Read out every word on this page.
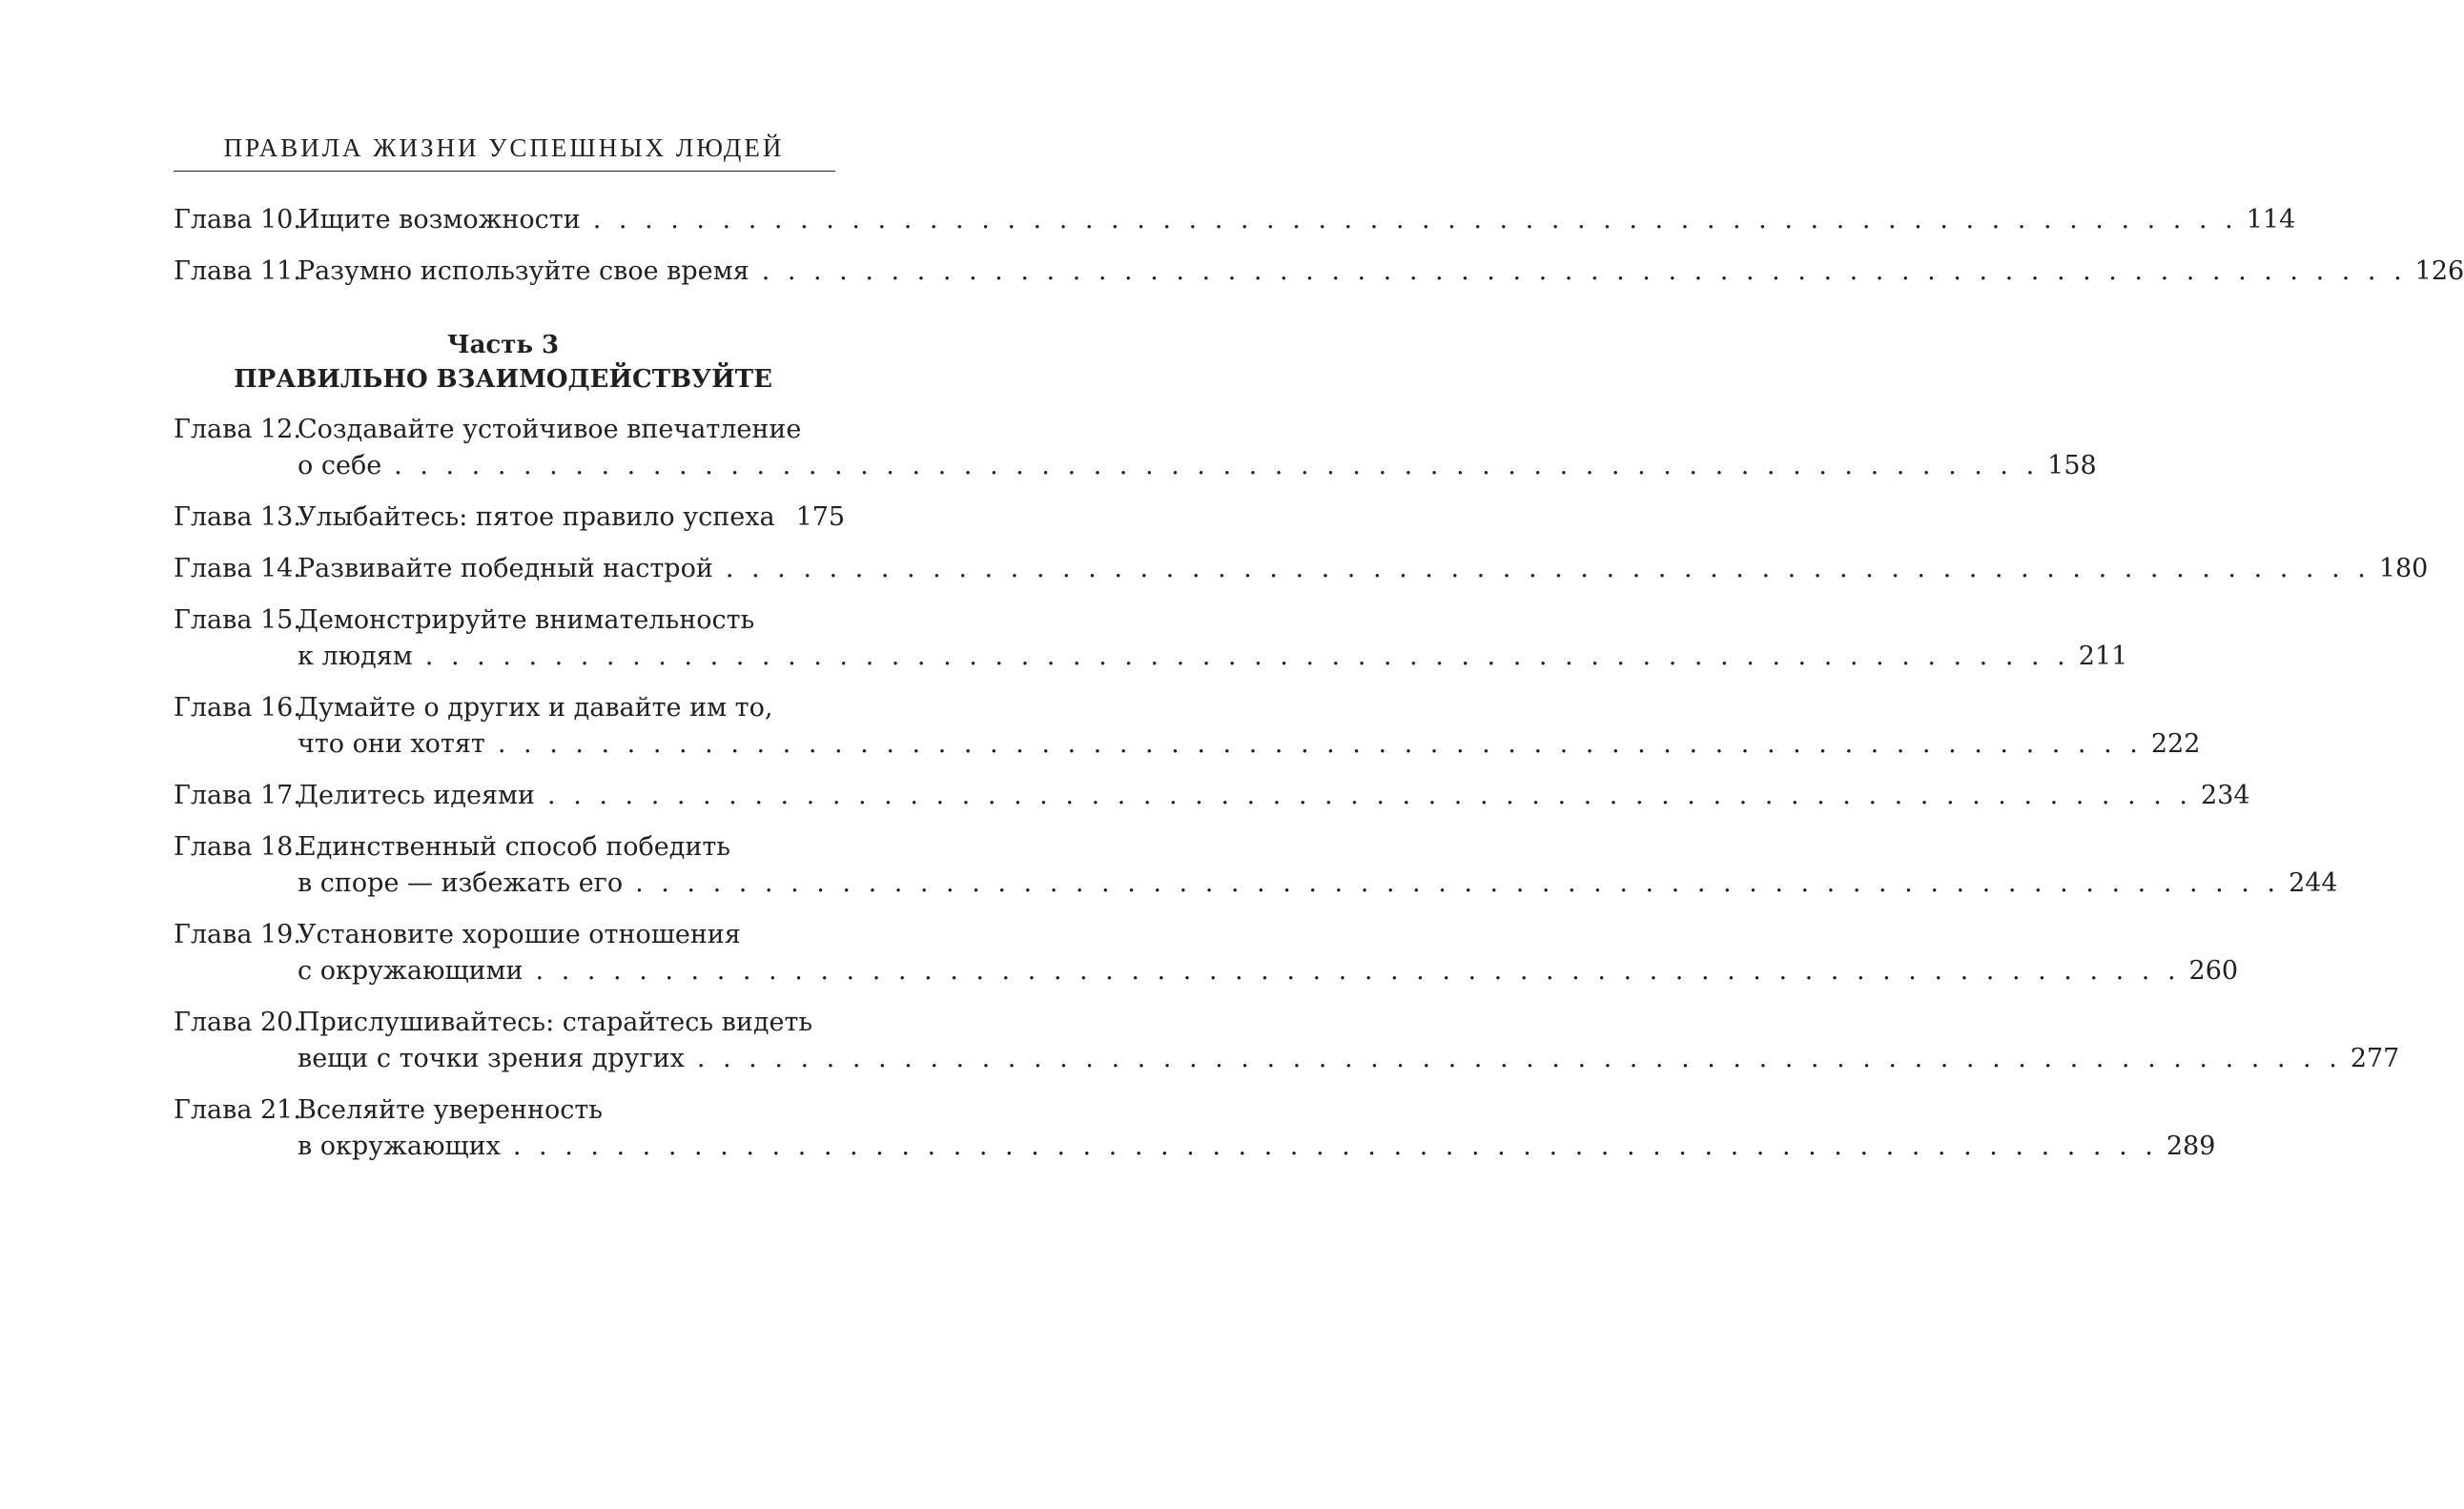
ПРАВИЛА ЖИЗНИ УСПЕШНЫХ ЛЮДЕЙ
Глава 10.
Ищите возможности . . . . . . . . . . . . . . . . . . . . . . . . . . . . . . . . . . . . . . . . . . . . . . . . . . . . . . . . . . . . . . . . 114
Глава 11.
Разумно используйте свое время . . . . . . . . . . . . . . . . . . . . . . . . . . . . . . . . . . . . . . . . . . . . . . . . . . . . . . . . . . . . . . . . 126
Часть 3
ПРАВИЛЬНО ВЗАИМОДЕЙСТВУЙТЕ
Глава 12.
Создавайте устойчивое впечатление
о себе . . . . . . . . . . . . . . . . . . . . . . . . . . . . . . . . . . . . . . . . . . . . . . . . . . . . . . . . . . . . . . . . 158
Глава 13.
Улыбайтесь: пятое правило успеха 175
Глава 14.
Развивайте победный настрой . . . . . . . . . . . . . . . . . . . . . . . . . . . . . . . . . . . . . . . . . . . . . . . . . . . . . . . . . . . . . . . . 180
Глава 15.
Демонстрируйте внимательность
к людям . . . . . . . . . . . . . . . . . . . . . . . . . . . . . . . . . . . . . . . . . . . . . . . . . . . . . . . . . . . . . . . . 211
Глава 16.
Думайте о других и давайте им то,
что они хотят . . . . . . . . . . . . . . . . . . . . . . . . . . . . . . . . . . . . . . . . . . . . . . . . . . . . . . . . . . . . . . . . 222
Глава 17.
Делитесь идеями . . . . . . . . . . . . . . . . . . . . . . . . . . . . . . . . . . . . . . . . . . . . . . . . . . . . . . . . . . . . . . . . 234
Глава 18.
Единственный способ победить
в споре — избежать его . . . . . . . . . . . . . . . . . . . . . . . . . . . . . . . . . . . . . . . . . . . . . . . . . . . . . . . . . . . . . . . . 244
Глава 19.
Установите хорошие отношения
с окружающими . . . . . . . . . . . . . . . . . . . . . . . . . . . . . . . . . . . . . . . . . . . . . . . . . . . . . . . . . . . . . . . . 260
Глава 20.
Прислушивайтесь: старайтесь видеть
вещи с точки зрения других . . . . . . . . . . . . . . . . . . . . . . . . . . . . . . . . . . . . . . . . . . . . . . . . . . . . . . . . . . . . . . . . 277
Глава 21.
Вселяйте уверенность
в окружающих . . . . . . . . . . . . . . . . . . . . . . . . . . . . . . . . . . . . . . . . . . . . . . . . . . . . . . . . . . . . . . . . 289
